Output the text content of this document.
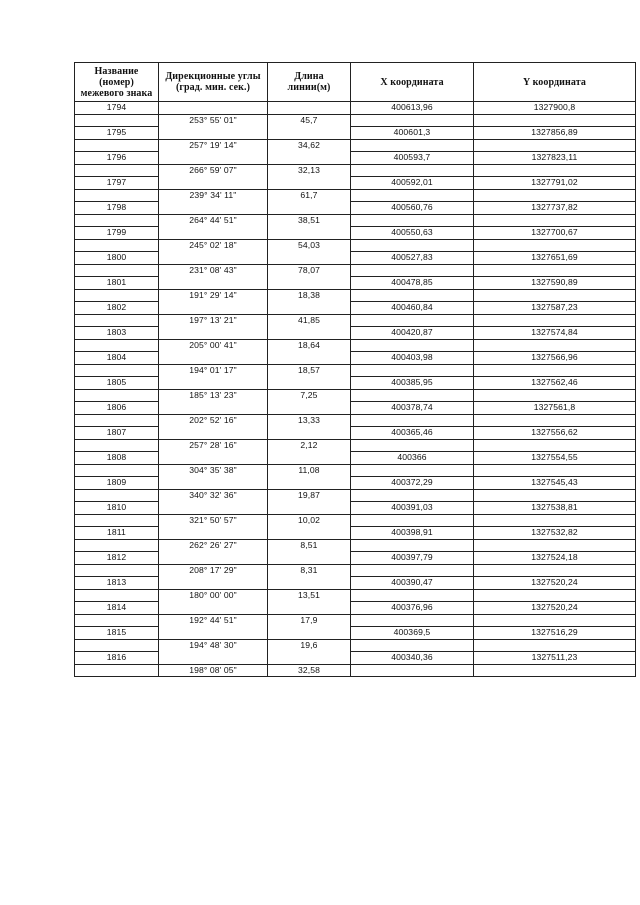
Название (номер) межевого знака	Дирекционные углы (град. мин. сек.)	Длина линии(м)	X координата	Y координата
1794			400613,96	1327900,8
	253° 55' 01"	45,7		
1795			400601,3	1327856,89
	257° 19' 14"	34,62		
1796			400593,7	1327823,11
	266° 59' 07"	32,13		
1797			400592,01	1327791,02
	239° 34' 11"	61,7		
1798			400560,76	1327737,82
	264° 44' 51"	38,51		
1799			400550,63	1327700,67
	245° 02' 18"	54,03		
1800			400527,83	1327651,69
	231° 08' 43"	78,07		
1801			400478,85	1327590,89
	191° 29' 14"	18,38		
1802			400460,84	1327587,23
	197° 13' 21"	41,85		
1803			400420,87	1327574,84
	205° 00' 41"	18,64		
1804			400403,98	1327566,96
	194° 01' 17"	18,57		
1805			400385,95	1327562,46
	185° 13' 23"	7,25		
1806			400378,74	1327561,8
	202° 52' 16"	13,33		
1807			400365,46	1327556,62
	257° 28' 16"	2,12		
1808			400366	1327554,55
	304° 35' 38"	11,08		
1809			400372,29	1327545,43
	340° 32' 36"	19,87		
1810			400391,03	1327538,81
	321° 50' 57"	10,02		
1811			400398,91	1327532,82
	262° 26' 27"	8,51		
1812			400397,79	1327524,18
	208° 17' 29"	8,31		
1813			400390,47	1327520,24
	180° 00' 00"	13,51		
1814			400376,96	1327520,24
	192° 44' 51"	17,9		
1815			400369,5	1327516,29
	194° 48' 30"	19,6		
1816			400340,36	1327511,23
	198° 08' 05"	32,58		
